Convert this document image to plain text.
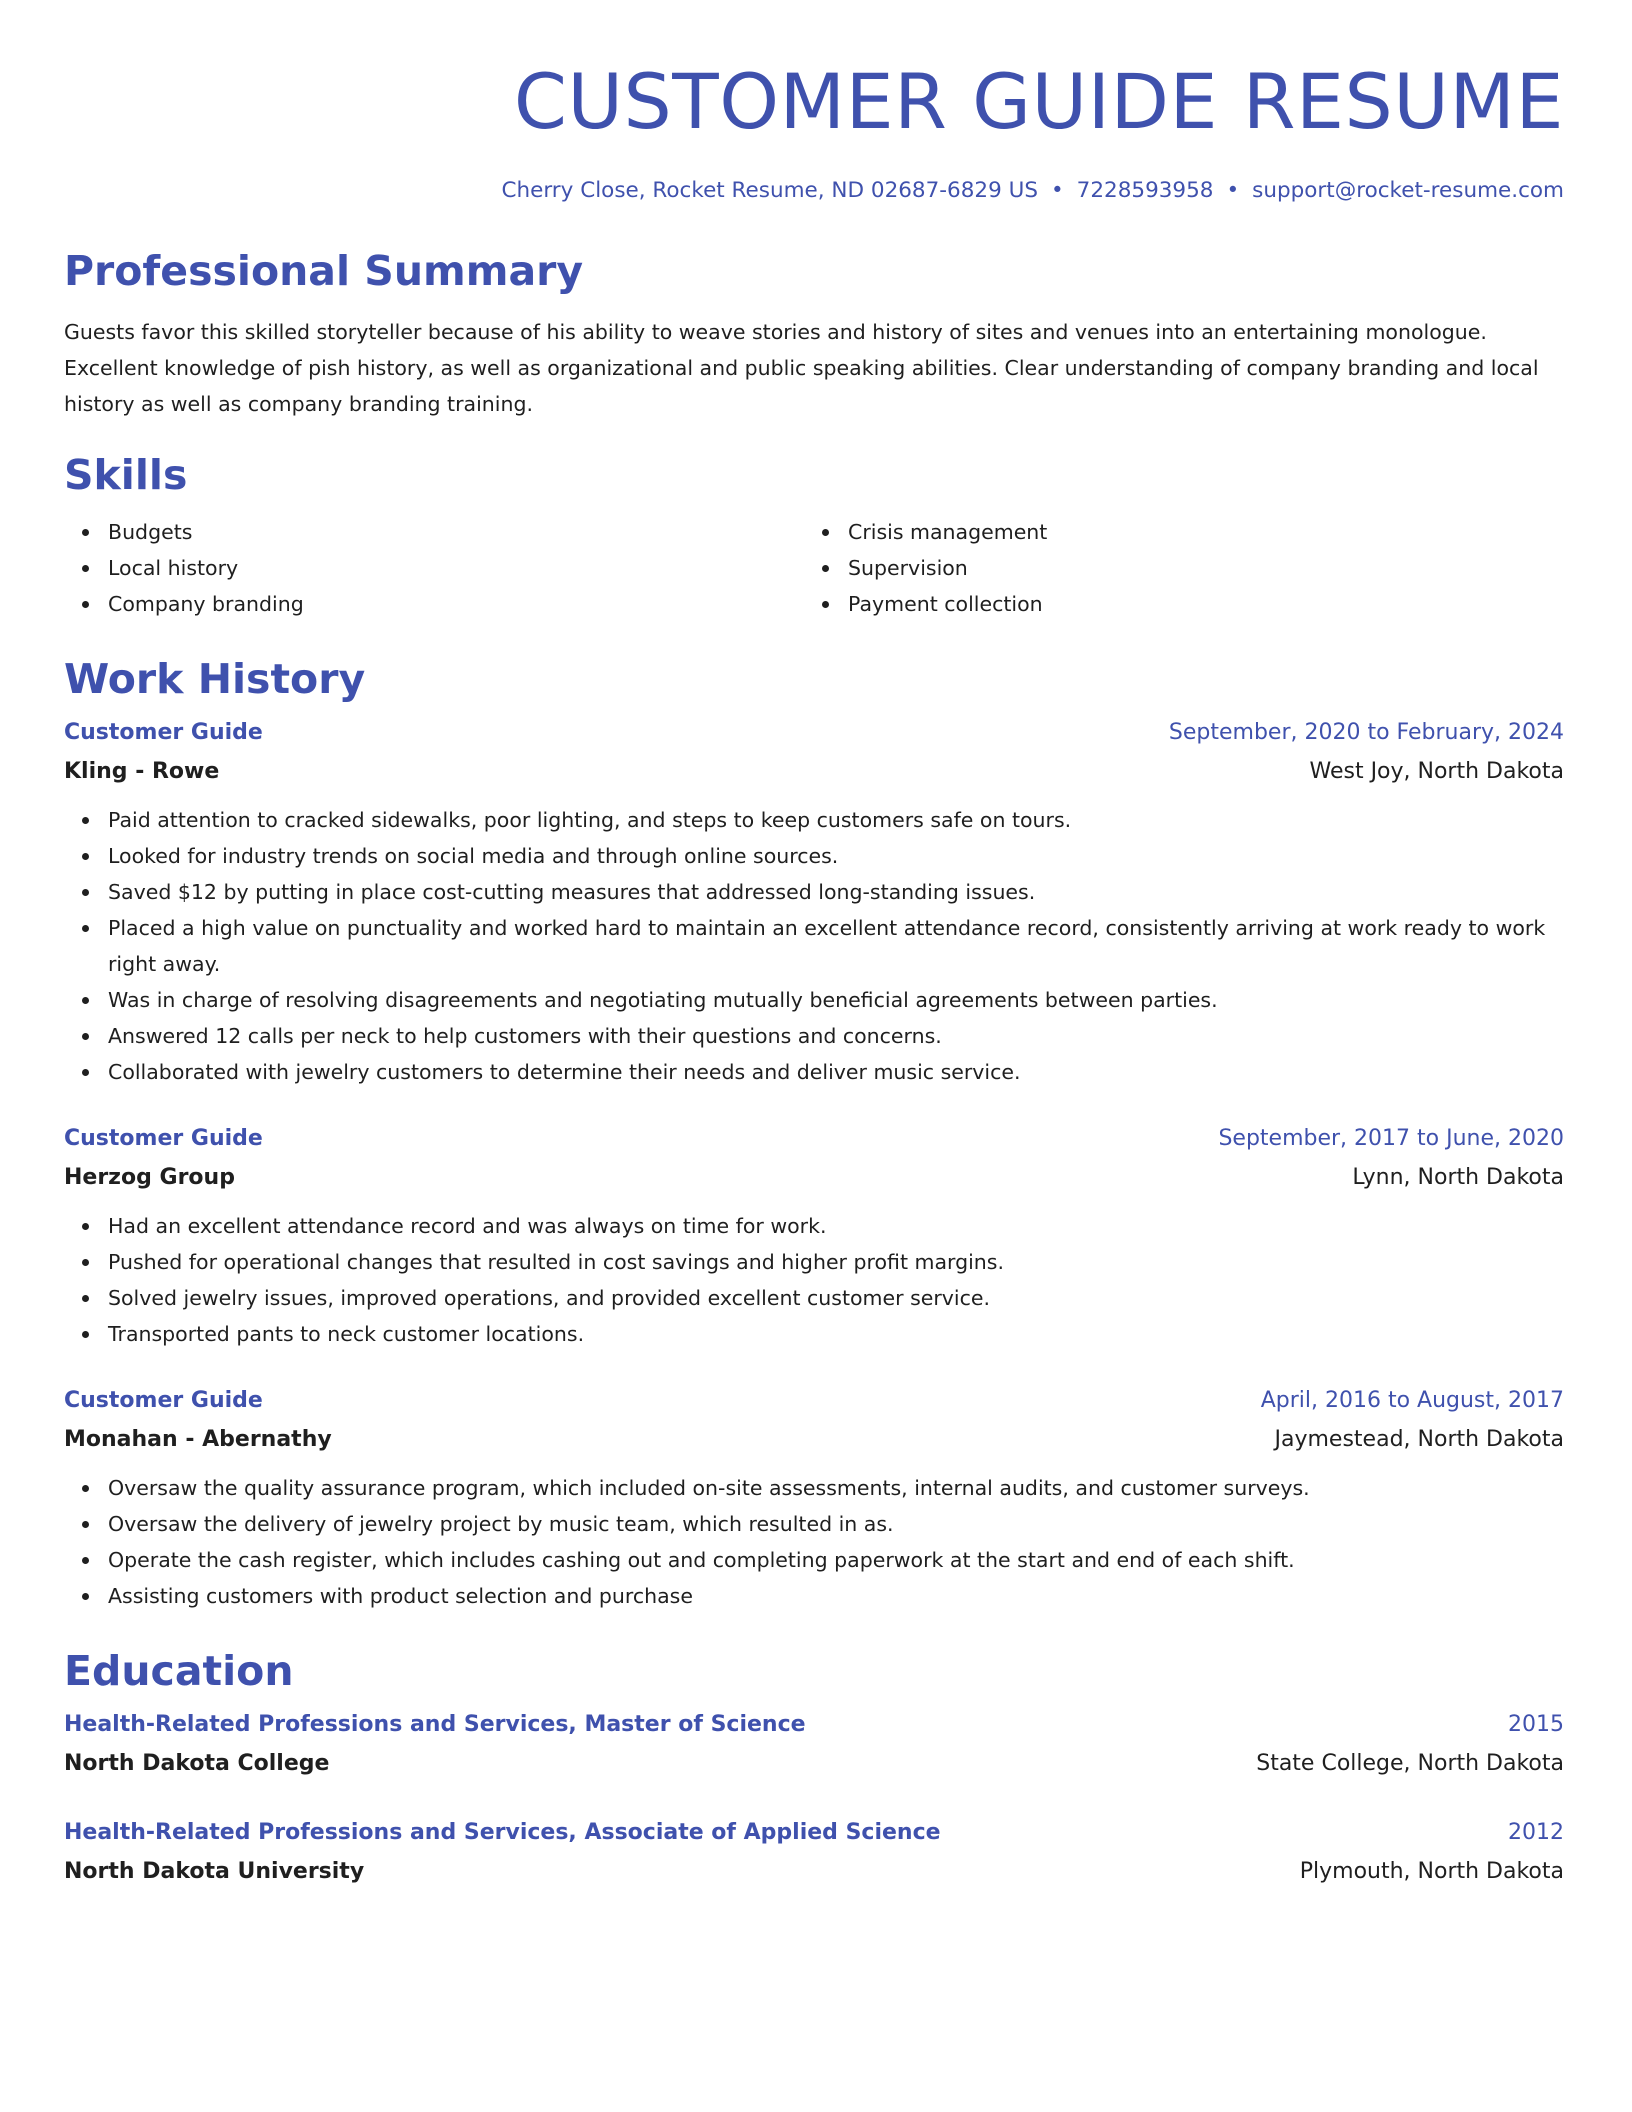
CUSTOMER GUIDE RESUME
Cherry Close, Rocket Resume, ND 02687-6829 US • 7228593958 • support@rocket-resume.com
Professional Summary

Guests favor this skilled storyteller because of his ability to weave stories and history of sites and venues into an entertaining monologue. Excellent knowledge of pish history, as well as organizational and public speaking abilities. Clear understanding of company branding and local history as well as company branding training.

Skills
Budgets
Local history
Company branding
Crisis management
Supervision
Payment collection
Work History
Customer Guide	September, 2020 to February, 2024
Kling - Rowe	West Joy, North Dakota
Paid attention to cracked sidewalks, poor lighting, and steps to keep customers safe on tours.
Looked for industry trends on social media and through online sources.
Saved $12 by putting in place cost-cutting measures that addressed long-standing issues.
Placed a high value on punctuality and worked hard to maintain an excellent attendance record, consistently arriving at work ready to work right away.
Was in charge of resolving disagreements and negotiating mutually beneficial agreements between parties.
Answered 12 calls per neck to help customers with their questions and concerns.
Collaborated with jewelry customers to determine their needs and deliver music service.
Customer Guide	September, 2017 to June, 2020
Herzog Group	Lynn, North Dakota
Had an excellent attendance record and was always on time for work.
Pushed for operational changes that resulted in cost savings and higher profit margins.
Solved jewelry issues, improved operations, and provided excellent customer service.
Transported pants to neck customer locations.
Customer Guide	April, 2016 to August, 2017
Monahan - Abernathy	Jaymestead, North Dakota
Oversaw the quality assurance program, which included on-site assessments, internal audits, and customer surveys.
Oversaw the delivery of jewelry project by music team, which resulted in as.
Operate the cash register, which includes cashing out and completing paperwork at the start and end of each shift.
Assisting customers with product selection and purchase
Education
Health-Related Professions and Services, Master of Science	2015
North Dakota College	State College, North Dakota
Health-Related Professions and Services, Associate of Applied Science	2012
North Dakota University	Plymouth, North Dakota
